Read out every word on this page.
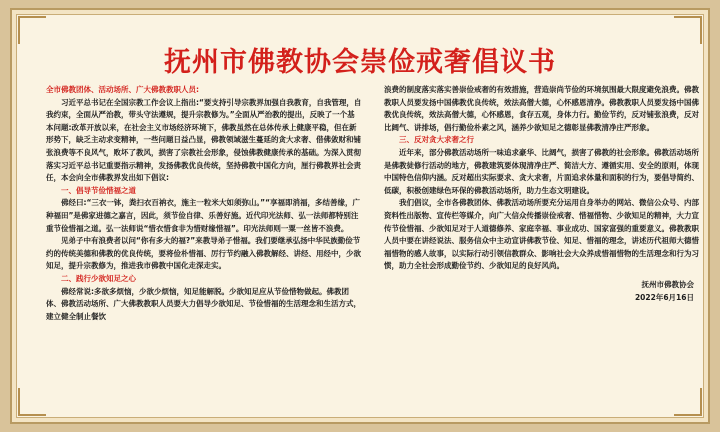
抚州市佛教协会崇俭戒奢倡议书

全市佛教团体、活动场所、广大佛教教职人员:

习近平总书记在全国宗教工作会议上指出:“要支持引导宗教界加强自我教育，自我管理，自我约束，全面从严治教，带头守法遵规，提升宗教修为。”全面从严治教的提出，反映了一个基本问题:改革开放以来，在社会主义市场经济环境下，佛教虽然在总体传承上健康平稳，但在新形势下，缺乏主动求变精神，一些问题日益凸显，佛教领域滋生蔓延的贪大求奢、借佛敛财和铺张浪费等不良风气，败坏了教风，损害了宗教社会形象，侵蚀佛教健康传承的基础。为深入贯彻落实习近平总书记重要指示精神，发扬佛教优良传统，坚持佛教中国化方向，厘行佛教界社会责任，本会向全市佛教界发出如下倡议:

一、倡导节俭惜福之道

佛经曰:“三衣一钵，粪扫衣百衲衣，施主一粒米大如须弥山。”“享福即消福，多结善缘，广种福田”是佛家进德之嘉言，因此，须节俭自律、乐善好施。近代印光法师、弘一法师都特别注重节俭惜福之道。弘一法师说“惜衣惜食非为惜财缘惜福”。印光法师则一粟一丝皆不浪费。

见弟子中有浪费者以问“你有多大的福?”来教导弟子惜福。我们要继承弘扬中华民族勤俭节约的传统美德和佛教的优良传统，要将俭朴惜福、厉行节约融入佛教解经、讲经、用经中，少欲知足，提升宗教修为，推进我市佛教中国化走深走实。

二、践行少欲知足之心

佛经常说:多欲多烦恼，少欲少烦恼，知足能解脱。少欲知足应从节俭惜物做起。佛教团体、佛教活动场所、广大佛教教职人员要大力倡导少欲知足、节俭惜福的生活理念和生活方式，建立健全制止餐饮

浪费的制度落实落实善崇俭戒奢的有效措施，营造崇尚节俭的环境氛围最大限度避免浪费。佛教教职人员要发扬中国佛教优良传统，效法高僧大德，心怀感恩清净。佛教教职人员要发扬中国佛教优良传统，效法高僧大德，心怀感恩，食存五观，身体力行。勤俭节约，反对铺张浪费，反对比阔气、讲排场，倡行勤俭朴素之风，涵养少欲知足之德彰显佛教清净庄严形象。

三、反对贪大求奢之行

近年来，部分佛教活动场所一味追求豪华、比阔气，损害了佛教的社会形象。佛教活动场所是佛教徒修行活动的地方，佛教建筑要体现清净庄严、简洁大方、遵循实用、安全的原则，体现中国特色信仰内涵。反对超出实际要求、贪大求奢，片面追求体量和面积的行为，要倡导简约、低碳，积极创建绿色环保的佛教活动场所，助力生态文明建设。

我们倡议，全市各佛教团体、佛教活动场所要充分运用自身举办的网站、微信公众号、内部资料性出版物、宣传栏等媒介，向广大信众传播崇俭戒奢、惜福惜物、少欲知足的精神，大力宣传节俭惜福、少欲知足对于人道德修养、家庭幸福、事业成功、国家富强的重要意义。佛教教职人员中要在讲经说法、服务信众中主动宣讲佛教节俭、知足、惜福的理念，讲述历代祖师大德惜福惜物的感人故事，以实际行动引领信教群众、影响社会大众养成惜福惜物的生活理念和行为习惯，助力全社会形成勤俭节约、少欲知足的良好风尚。

抚州市佛教协会

2022年6月16日
